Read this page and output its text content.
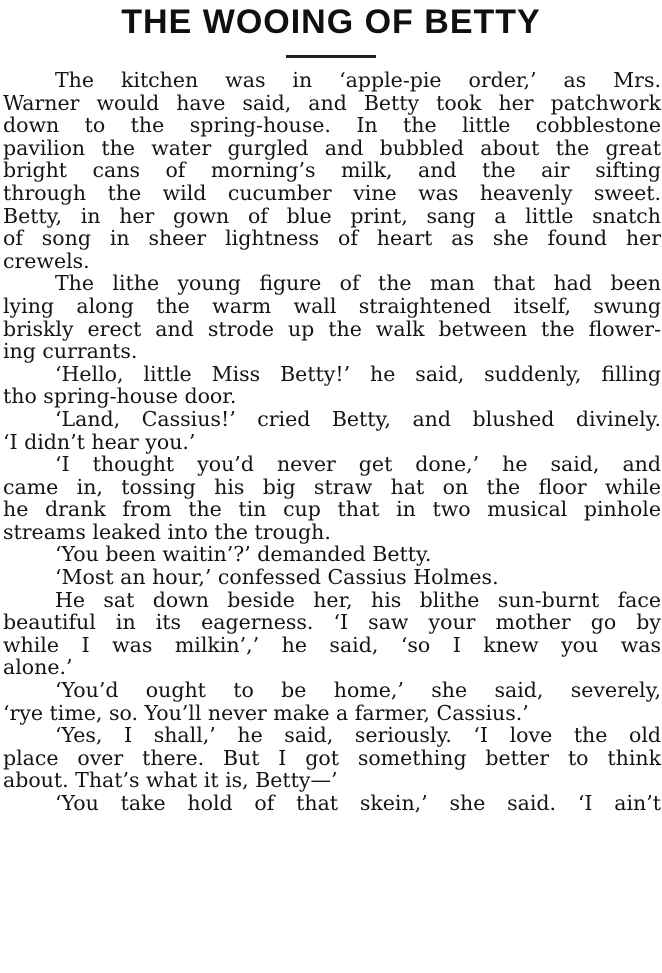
THE WOOING OF BETTY
The kitchen was in ‘apple-pie order,’ as Mrs.
Warner would have said, and Betty took her patchwork
down to the spring-house. In the little cobblestone
pavilion the water gurgled and bubbled about the great
bright cans of morning’s milk, and the air sifting
through the wild cucumber vine was heavenly sweet.
Betty, in her gown of blue print, sang a little snatch
of song in sheer lightness of heart as she found her
crewels.
The lithe young figure of the man that had been
lying along the warm wall straightened itself, swung
briskly erect and strode up the walk between the flower-
ing currants.
‘Hello, little Miss Betty!’ he said, suddenly, filling
tho spring-house door.
‘Land, Cassius!’ cried Betty, and blushed divinely.
‘I didn’t hear you.’
‘I thought you’d never get done,’ he said, and
came in, tossing his big straw hat on the floor while
he drank from the tin cup that in two musical pinhole
streams leaked into the trough.
‘You been waitin’?’ demanded Betty.
‘Most an hour,’ confessed Cassius Holmes.
He sat down beside her, his blithe sun-burnt face
beautiful in its eagerness. ‘I saw your mother go by
while I was milkin’,’ he said, ‘so I knew you was
alone.’
‘You’d ought to be home,’ she said, severely,
‘rye time, so. You’ll never make a farmer, Cassius.’
‘Yes, I shall,’ he said, seriously. ‘I love the old
place over there. But I got something better to think
about. That’s what it is, Betty—’
‘You take hold of that skein,’ she said. ‘I ain’t
